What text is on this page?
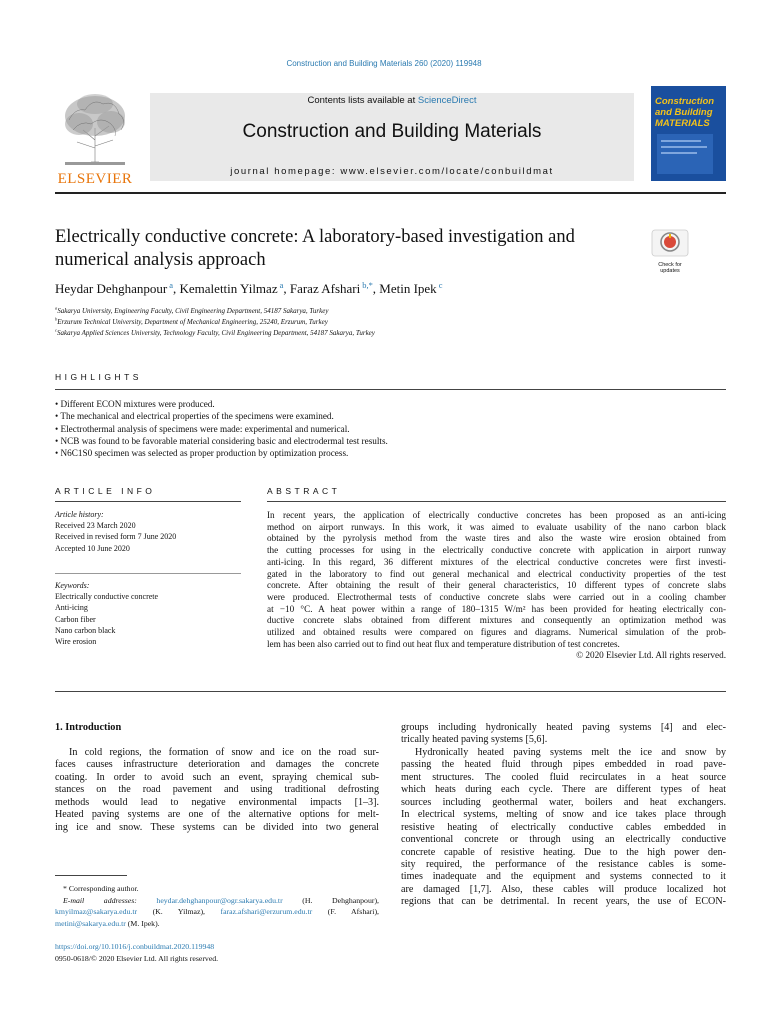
Construction and Building Materials 260 (2020) 119948
Contents lists available at ScienceDirect
Construction and Building Materials
journal homepage: www.elsevier.com/locate/conbuildmat
ELSEVIER
Construction and Building MATERIALS
Electrically conductive concrete: A laboratory-based investigation and numerical analysis approach	Check for updates
Heydar Dehghanpour $^a$, Kemalettin Yilmaz $^a$, Faraz Afshari $^{b,*}$, Metin Ipek $^c$
$^a$Sakarya University, Engineering Faculty, Civil Engineering Department, 54187 Sakarya, Turkey
$^b$Erzurum Technical University, Department of Mechanical Engineering, 25240, Erzurum, Turkey
$^c$Sakarya Applied Sciences University, Technology Faculty, Civil Engineering Department, 54187 Sakarya, Turkey
HIGHLIGHTS
• Different ECON mixtures were produced.
• The mechanical and electrical properties of the specimens were examined.
• Electrothermal analysis of specimens were made: experimental and numerical.
• NCB was found to be favorable material considering basic and electrodermal test results.
• N6C1S0 specimen was selected as proper production by optimization process.
ARTICLE INFO
Article history:
Received 23 March 2020
Received in revised form 7 June 2020
Accepted 10 June 2020
Keywords:
Electrically conductive concrete
Anti-icing
Carbon fiber
Nano carbon black
Wire erosion
ABSTRACT
In recent years, the application of electrically conductive concretes has been proposed as an anti-icing
method on airport runways. In this work, it was aimed to evaluate usability of the nano carbon black
obtained by the pyrolysis method from the waste tires and also the waste wire erosion obtained from
the cutting processes for using in the electrically conductive concrete with application in airport runway
anti-icing. In this regard, 36 different mixtures of the electrical conductive concretes were first investi-
gated in the laboratory to find out general mechanical and electrical conductivity properties of the test
concrete. After obtaining the result of their general characteristics, 10 different types of concrete slabs
were produced. Electrothermal tests of conductive concrete slabs were carried out in a cooling chamber
at −10 °C. A heat power within a range of 180–1315 W/m² has been provided for heating electrically con-
ductive concrete slabs obtained from different mixtures and consequently an optimization method was
utilized and obtained results were compared on figures and diagrams. Numerical simulation of the prob-
lem has been also carried out to find out heat flux and temperature distribution of test concretes.
© 2020 Elsevier Ltd. All rights reserved.
1. Introduction
In cold regions, the formation of snow and ice on the road sur-
faces causes infrastructure deterioration and damages the concrete
coating. In order to avoid such an event, spraying chemical sub-
stances on the road pavement and using traditional defrosting
methods would lead to negative environmental impacts [1–3].
Heated paving systems are one of the alternative options for melt-
ing ice and snow. These systems can be divided into two general
groups including hydronically heated paving systems [4] and elec-
trically heated paving systems [5,6].
Hydronically heated paving systems melt the ice and snow by
passing the heated fluid through pipes embedded in road pave-
ment structures. The cooled fluid recirculates in a heat source
which heats during each cycle. There are different types of heat
sources including geothermal water, boilers and heat exchangers.
In electrical systems, melting of snow and ice takes place through
resistive heating of electrically conductive cables embedded in
conventional concrete or through using an electrically conductive
concrete capable of resistive heating. Due to the high power den-
sity required, the performance of the resistance cables is some-
times inadequate and the equipment and systems connected to it
are damaged [1,7]. Also, these cables will produce localized hot
regions that can be detrimental. In recent years, the use of ECON-
* Corresponding author.
E-mail addresses: heydar.dehghanpour@ogr.sakarya.edu.tr (H. Dehghanpour), kmyilmaz@sakarya.edu.tr (K. Yilmaz), faraz.afshari@erzurum.edu.tr (F. Afshari), metini@sakarya.edu.tr (M. Ipek).
https://doi.org/10.1016/j.conbuildmat.2020.119948
0950-0618/© 2020 Elsevier Ltd. All rights reserved.
